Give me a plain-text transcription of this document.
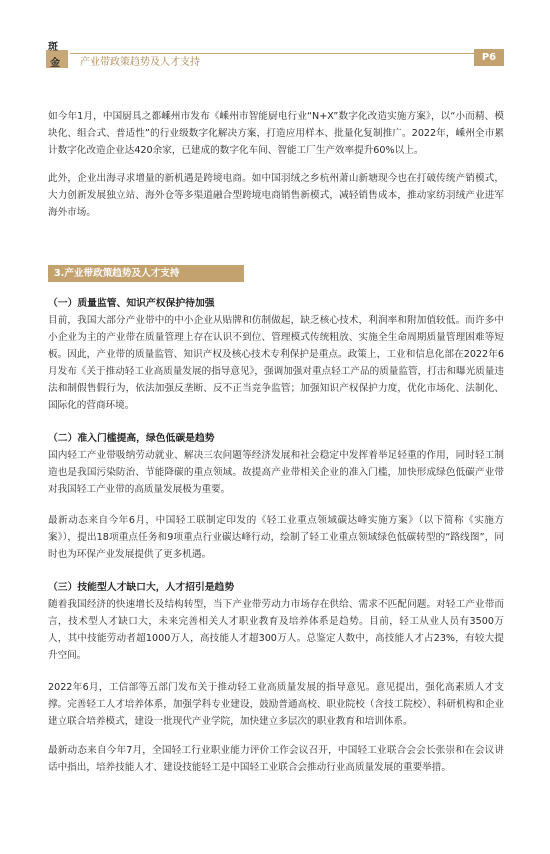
斑
金 产业带政策趋势及人才支持	P6

如今年1月，中国厨具之都嵊州市发布《嵊州市智能厨电行业“N+X”数字化改造实施方案》，以“小而精、模块化、组合式、普适性”的行业级数字化解决方案，打造应用样本、批量化复制推广。2022年，嵊州全市累计数字化改造企业达420余家，已建成的数字化车间、智能工厂生产效率提升60%以上。

此外，企业出海寻求增量的新机遇是跨境电商。如中国羽绒之乡杭州萧山新塘现今也在打破传统产销模式，大力创新发展独立站、海外仓等多渠道融合型跨境电商销售新模式，减轻销售成本，推动家纺羽绒产业进军海外市场。

3.产业带政策趋势及人才支持
（一）质量监管、知识产权保护待加强

目前，我国大部分产业带中的中小企业从贴牌和仿制做起，缺乏核心技术，利润率和附加值较低。而许多中小企业为主的产业带在质量管理上存在认识不到位、管理模式传统粗放、实施全生命周期质量管理困难等短板。因此，产业带的质量监管、知识产权及核心技术专利保护是重点。政策上，工业和信息化部在2022年6月发布《关于推动轻工业高质量发展的指导意见》，强调加强对重点轻工产品的质量监管，打击和曝光质量违法和制假售假行为，依法加强反垄断、反不正当竞争监管；加强知识产权保护力度，优化市场化、法制化、国际化的营商环境。

（二）准入门槛提高，绿色低碳是趋势

国内轻工产业带吸纳劳动就业、解决三农问题等经济发展和社会稳定中发挥着举足轻重的作用，同时轻工制造也是我国污染防治、节能降碳的重点领域。故提高产业带相关企业的准入门槛，加快形成绿色低碳产业带对我国轻工产业带的高质量发展极为重要。

最新动态来自今年6月，中国轻工联制定印发的《轻工业重点领域碳达峰实施方案》（以下简称《实施方案》），提出18项重点任务和9项重点行业碳达峰行动，绘制了轻工业重点领域绿色低碳转型的“路线图”，同时也为环保产业发展提供了更多机遇。

（三）技能型人才缺口大，人才招引是趋势

随着我国经济的快速增长及结构转型，当下产业带劳动力市场存在供给、需求不匹配问题。对轻工产业带而言，技术型人才缺口大，未来完善相关人才职业教育及培养体系是趋势。目前，轻工从业人员有3500万人，其中技能劳动者超1000万人，高技能人才超300万人。总鉴定人数中，高技能人才占23%，有较大提升空间。

2022年6月，工信部等五部门发布关于推动轻工业高质量发展的指导意见。意见提出，强化高素质人才支撑。完善轻工人才培养体系，加强学科专业建设，鼓励普通高校、职业院校（含技工院校）、科研机构和企业建立联合培养模式，建设一批现代产业学院，加快建立多层次的职业教育和培训体系。

最新动态来自今年7月，全国轻工行业职业能力评价工作会议召开，中国轻工业联合会会长张崇和在会议讲话中指出，培养技能人才、建设技能轻工是中国轻工业联合会推动行业高质量发展的重要举措。
